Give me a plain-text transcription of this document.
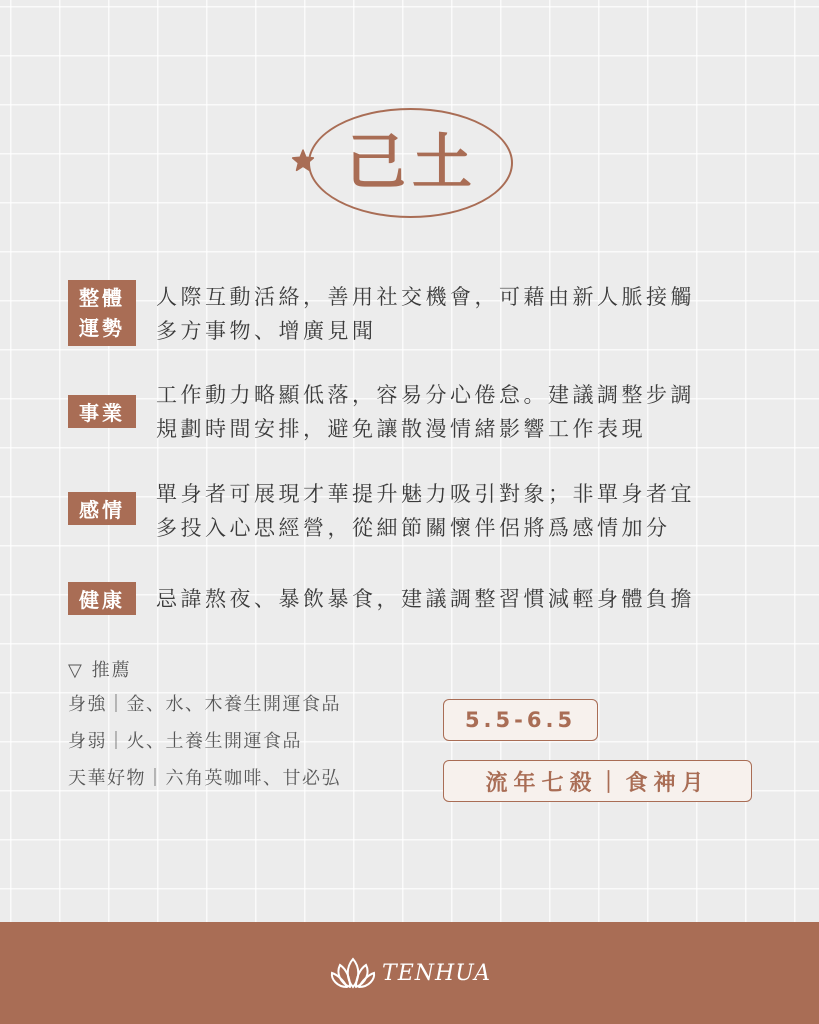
己土
整體
運勢
人際互動活絡，善用社交機會，可藉由新人脈接觸
多方事物、增廣見聞
事業
工作動力略顯低落，容易分心倦怠。建議調整步調
規劃時間安排，避免讓散漫情緒影響工作表現
感情
單身者可展現才華提升魅力吸引對象；非單身者宜
多投入心思經營，從細節關懷伴侶將爲感情加分
健康	忌諱熬夜、暴飲暴食，建議調整習慣減輕身體負擔
▽ 推薦
身強｜金、水、木養生開運食品
身弱｜火、土養生開運食品
天華好物｜六角英咖啡、甘必弘
5.5-6.5
流年七殺｜食神月
TENHUA
